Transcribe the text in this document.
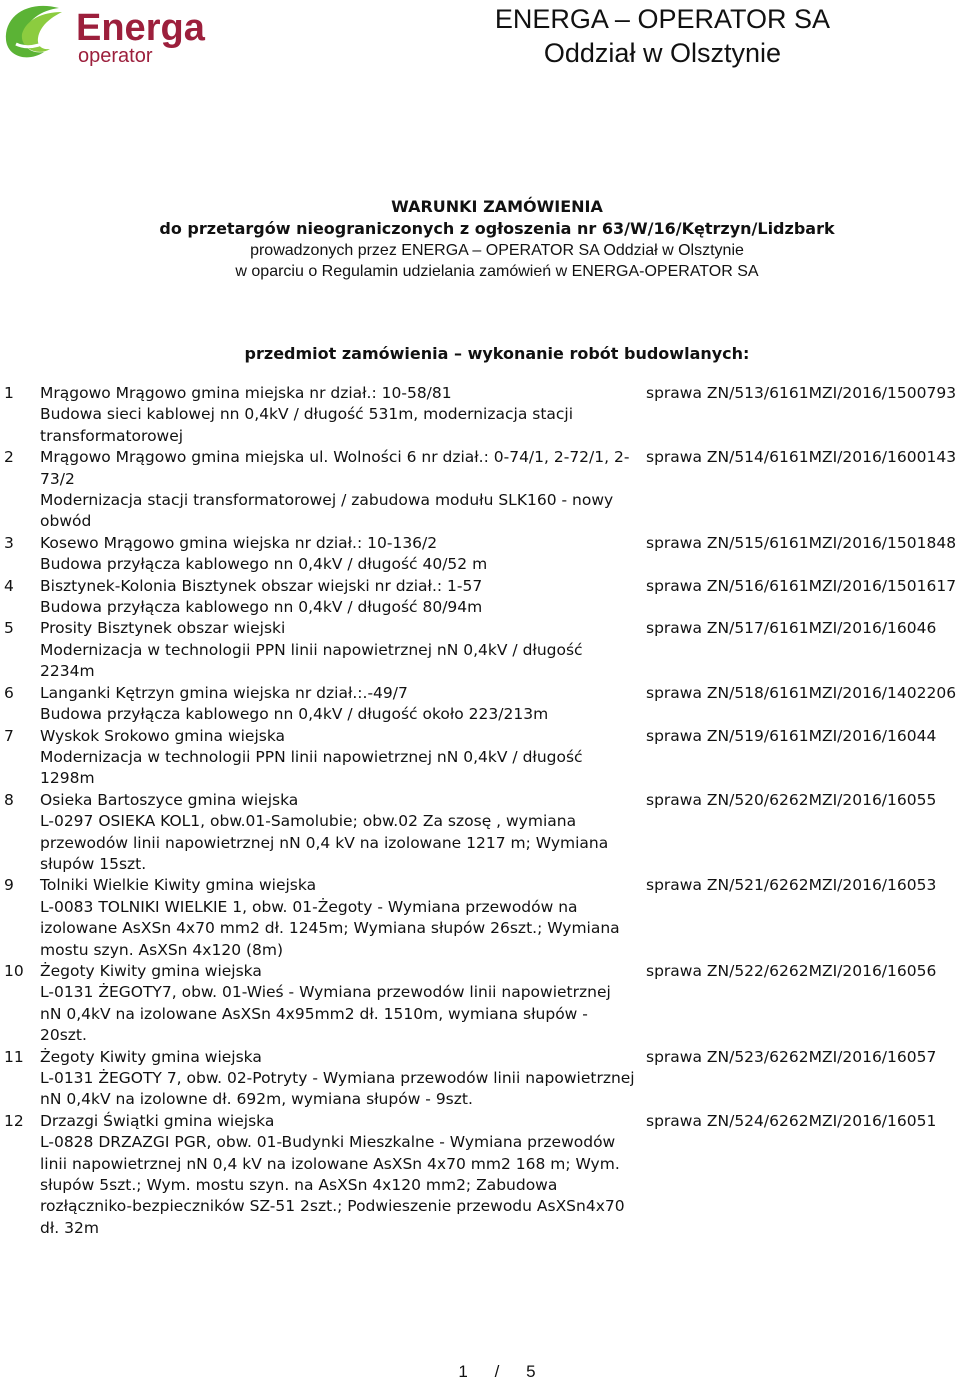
Energa
operator
ENERGA – OPERATOR SA
Oddział w Olsztynie
WARUNKI ZAMÓWIENIA
do przetargów nieograniczonych z ogłoszenia nr 63/W/16/Kętrzyn/Lidzbark
prowadzonych przez ENERGA – OPERATOR SA Oddział w Olsztynie
w oparciu o Regulamin udzielania zamówień w ENERGA-OPERATOR SA
przedmiot zamówienia – wykonanie robót budowlanych:
1 Mrągowo Mrągowo gmina miejska nr dział.: 10-58/81
Budowa sieci kablowej nn 0,4kV / długość 531m, modernizacja stacji transformatorowej
sprawa ZN/513/6161MZI/2016/1500793
2 Mrągowo Mrągowo gmina miejska ul. Wolności 6 nr dział.: 0-74/1, 2-72/1, 2-73/2
Modernizacja stacji transformatorowej / zabudowa modułu SLK160 - nowy obwód
sprawa ZN/514/6161MZI/2016/1600143
3 Kosewo Mrągowo gmina wiejska nr dział.: 10-136/2
Budowa przyłącza kablowego nn 0,4kV / długość 40/52 m
sprawa ZN/515/6161MZI/2016/1501848
4 Bisztynek-Kolonia Bisztynek obszar wiejski nr dział.: 1-57
Budowa przyłącza kablowego nn 0,4kV / długość 80/94m
sprawa ZN/516/6161MZI/2016/1501617
5 Prosity Bisztynek obszar wiejski
Modernizacja w technologii PPN linii napowietrznej nN 0,4kV / długość 2234m
sprawa ZN/517/6161MZI/2016/16046
6 Langanki Kętrzyn gmina wiejska nr dział.:.-49/7
Budowa przyłącza kablowego nn 0,4kV / długość około 223/213m
sprawa ZN/518/6161MZI/2016/1402206
7 Wyskok Srokowo gmina wiejska
Modernizacja w technologii PPN linii napowietrznej nN 0,4kV / długość 1298m
sprawa ZN/519/6161MZI/2016/16044
8 Osieka Bartoszyce gmina wiejska
L-0297 OSIEKA KOL1, obw.01-Samolubie; obw.02 Za szosę , wymiana przewodów linii napowietrznej nN 0,4 kV na izolowane 1217 m; Wymiana słupów 15szt.
sprawa ZN/520/6262MZI/2016/16055
9 Tolniki Wielkie Kiwity gmina wiejska
L-0083 TOLNIKI WIELKIE 1, obw. 01-Żegoty - Wymiana przewodów na izolowane AsXSn 4x70 mm2 dł. 1245m; Wymiana słupów 26szt.; Wymiana mostu szyn. AsXSn 4x120 (8m)
sprawa ZN/521/6262MZI/2016/16053
10 Żegoty Kiwity gmina wiejska
L-0131 ŻEGOTY7, obw. 01-Wieś - Wymiana przewodów linii napowietrznej nN 0,4kV na izolowane AsXSn 4x95mm2 dł. 1510m, wymiana słupów - 20szt.
sprawa ZN/522/6262MZI/2016/16056
11 Żegoty Kiwity gmina wiejska
L-0131 ŻEGOTY 7, obw. 02-Potryty - Wymiana przewodów linii napowietrznej nN 0,4kV na izolowne dł. 692m, wymiana słupów - 9szt.
sprawa ZN/523/6262MZI/2016/16057
12 Drzazgi Świątki gmina wiejska
L-0828 DRZAZGI PGR, obw. 01-Budynki Mieszkalne - Wymiana przewodów linii napowietrznej nN 0,4 kV na izolowane AsXSn 4x70 mm2 168 m; Wym. słupów 5szt.; Wym. mostu szyn. na AsXSn 4x120 mm2; Zabudowa rozłączniko-bezpieczników SZ-51 2szt.; Podwieszenie przewodu AsXSn4x70 dł. 32m
sprawa ZN/524/6262MZI/2016/16051
1 / 5
